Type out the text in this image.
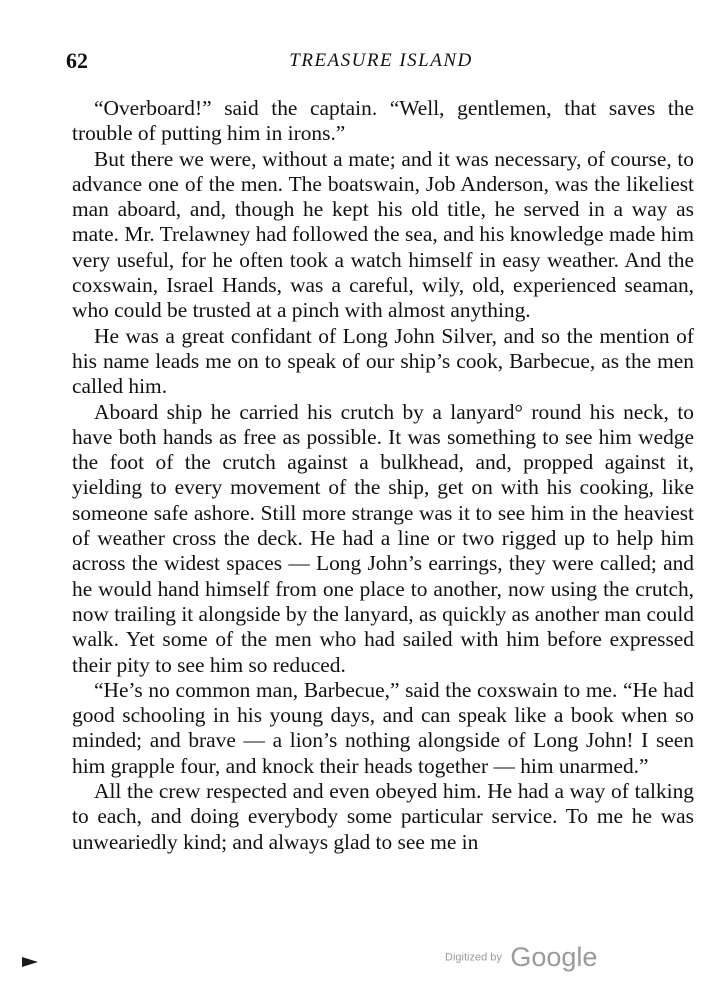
62	TREASURE ISLAND

“Overboard!” said the captain. “Well, gentlemen, that saves the trouble of putting him in irons.”

But there we were, without a mate; and it was necessary, of course, to advance one of the men. The boatswain, Job Anderson, was the likeliest man aboard, and, though he kept his old title, he served in a way as mate. Mr. Trelawney had followed the sea, and his knowledge made him very useful, for he often took a watch himself in easy weather. And the coxswain, Israel Hands, was a careful, wily, old, experienced seaman, who could be trusted at a pinch with almost anything.

He was a great confidant of Long John Silver, and so the mention of his name leads me on to speak of our ship’s cook, Barbecue, as the men called him.

Aboard ship he carried his crutch by a lanyard° round his neck, to have both hands as free as possible. It was something to see him wedge the foot of the crutch against a bulkhead, and, propped against it, yielding to every movement of the ship, get on with his cooking, like someone safe ashore. Still more strange was it to see him in the heaviest of weather cross the deck. He had a line or two rigged up to help him across the widest spaces — Long John’s earrings, they were called; and he would hand himself from one place to another, now using the crutch, now trailing it alongside by the lanyard, as quickly as another man could walk. Yet some of the men who had sailed with him before expressed their pity to see him so reduced.

“He’s no common man, Barbecue,” said the coxswain to me. “He had good schooling in his young days, and can speak like a book when so minded; and brave — a lion’s nothing alongside of Long John! I seen him grapple four, and knock their heads together — him unarmed.”

All the crew respected and even obeyed him. He had a way of talking to each, and doing everybody some particular service. To me he was unweariedly kind; and always glad to see me in

Digitized by Google
